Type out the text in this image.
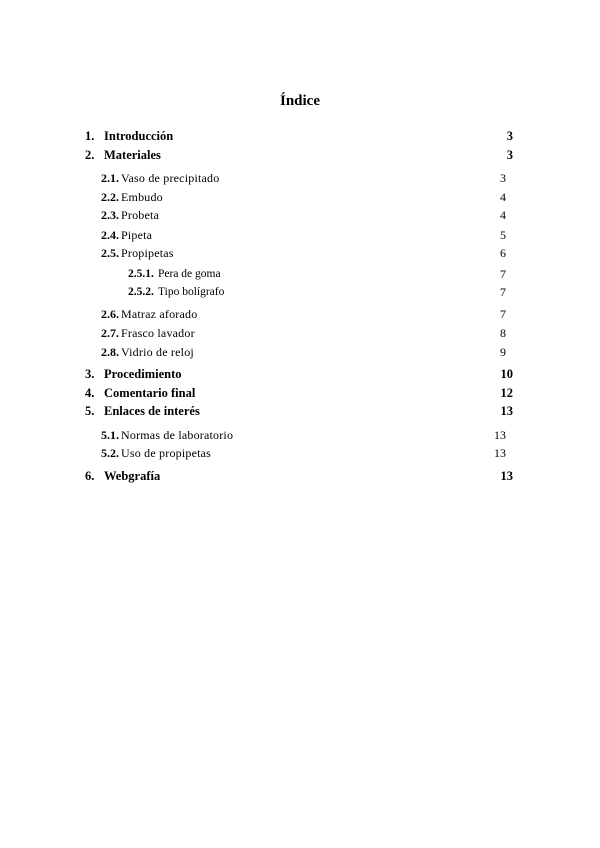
Índice
1. Introducción	3
2. Materiales	3
2.1. Vaso de precipitado	3
2.2. Embudo	4
2.3. Probeta	4
2.4. Pipeta	5
2.5. Propipetas	6
2.5.1. Pera de goma	7
2.5.2. Tipo bolígrafo	7
2.6. Matraz aforado	7
2.7. Frasco lavador	8
2.8. Vidrio de reloj	9
3. Procedimiento	10
4. Comentario final	12
5. Enlaces de interés	13
5.1. Normas de laboratorio	13
5.2. Uso de propipetas	13
6. Webgrafía	13
